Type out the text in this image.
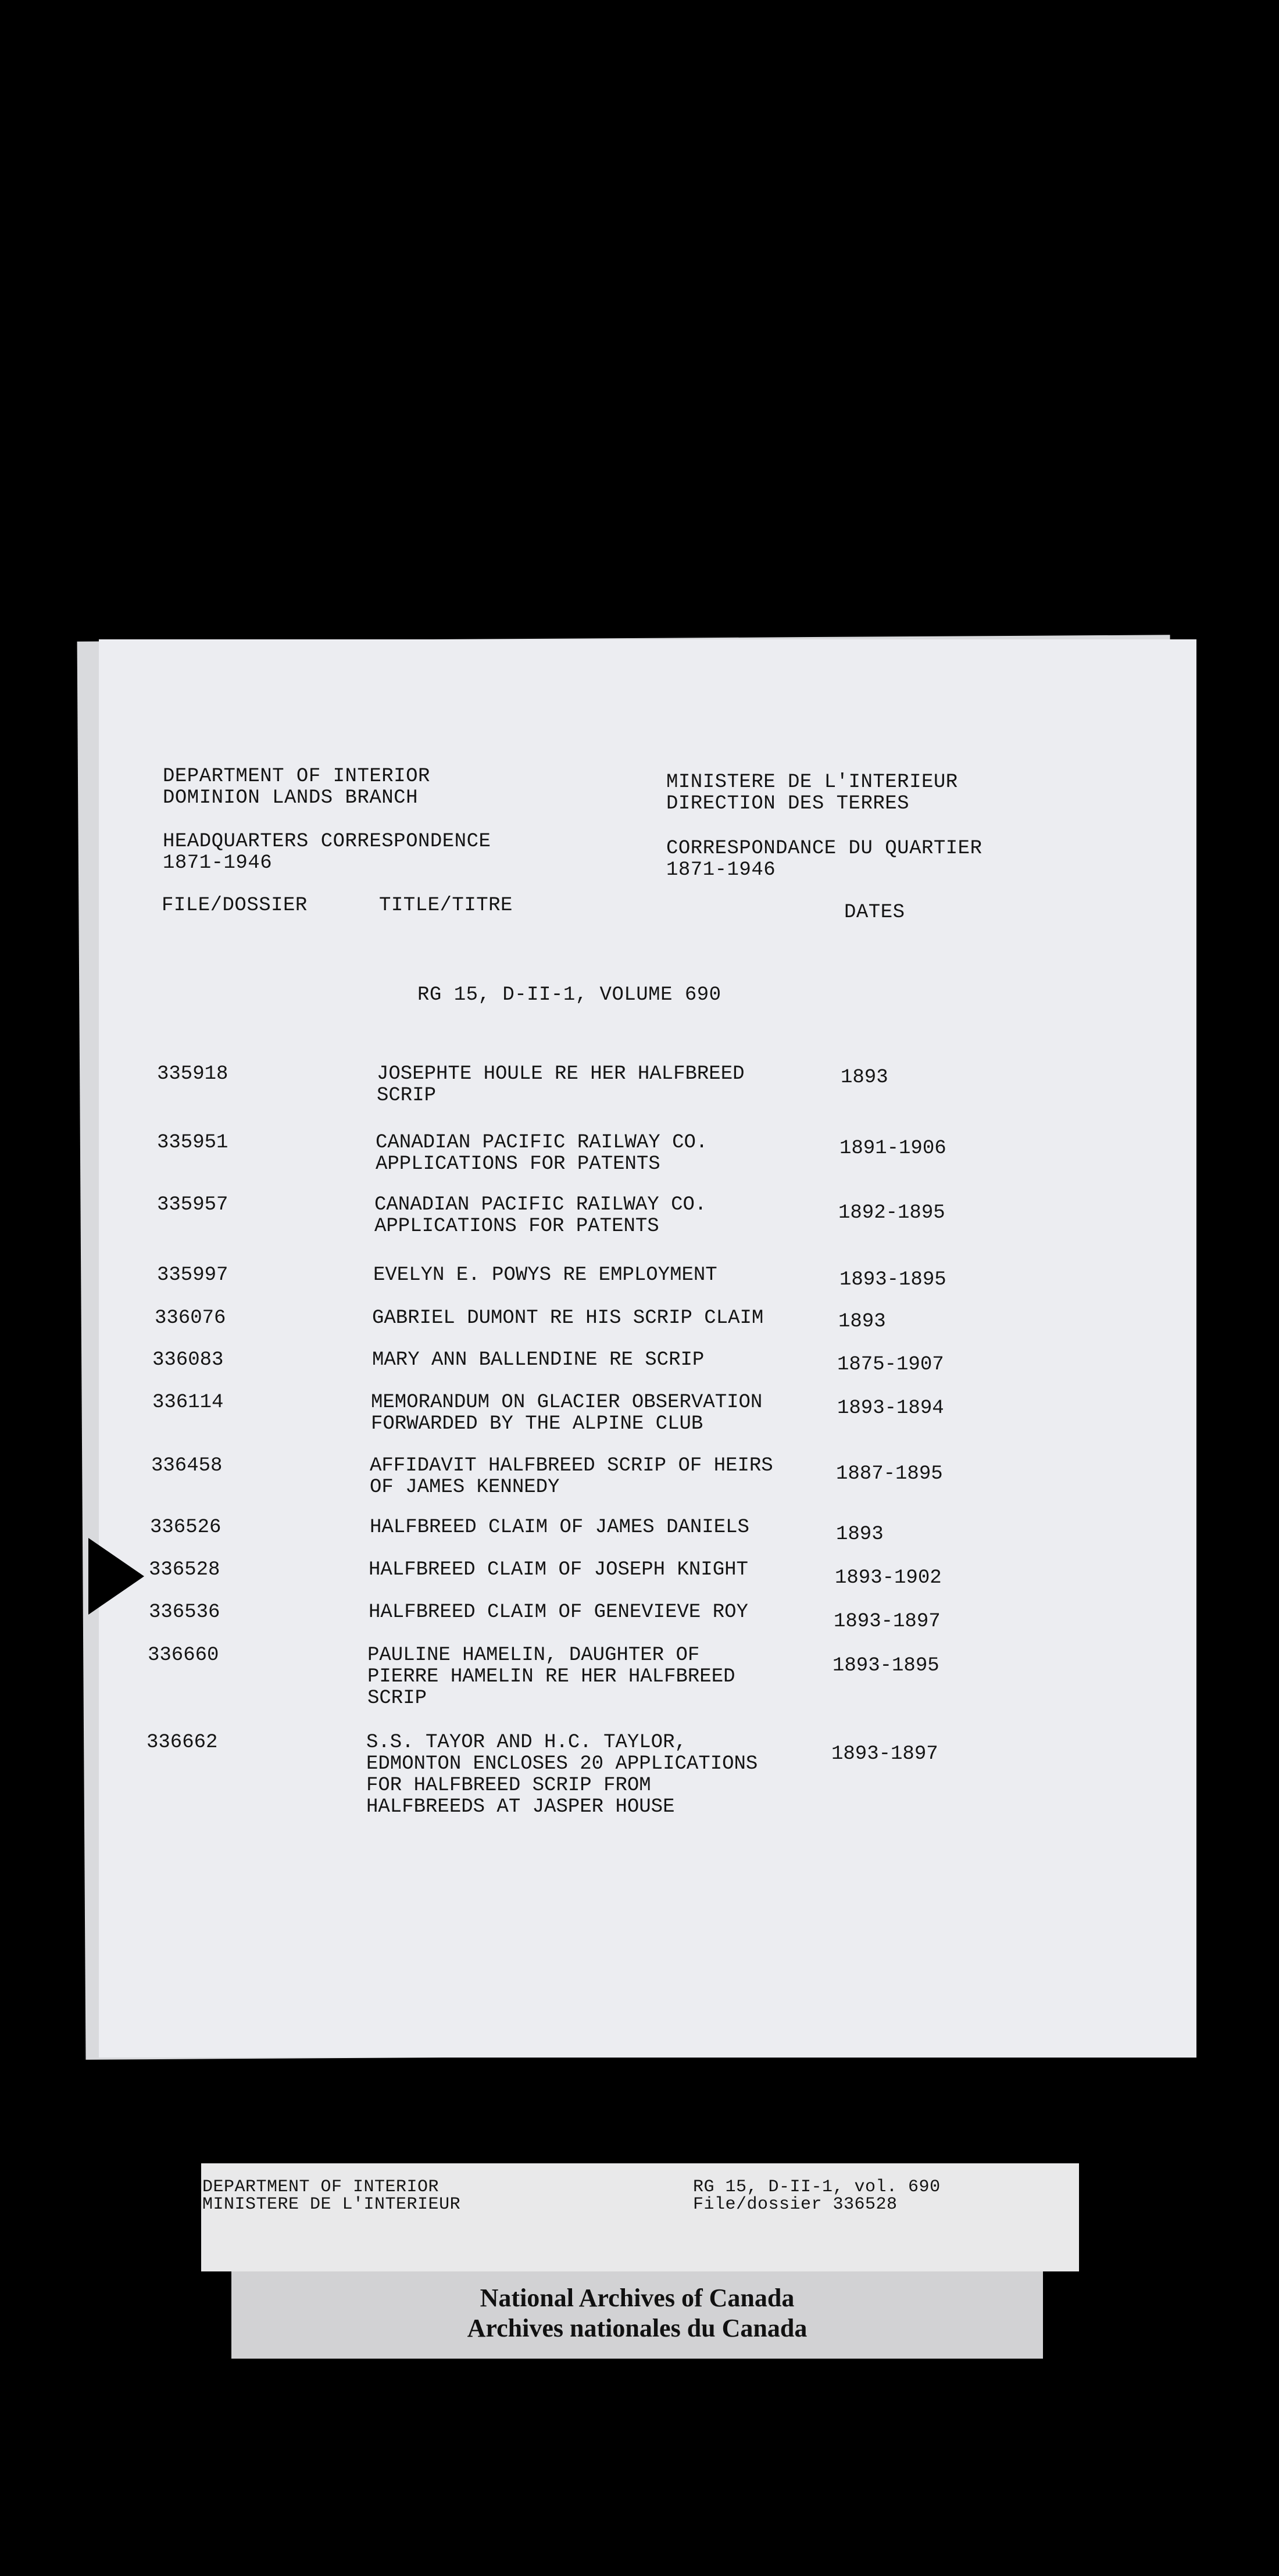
DEPARTMENT OF INTERIOR
DOMINION LANDS BRANCH
HEADQUARTERS CORRESPONDENCE
1871-1946
MINISTERE DE L'INTERIEUR
DIRECTION DES TERRES
CORRESPONDANCE DU QUARTIER
1871-1946
FILE/DOSSIER	TITLE/TITRE	DATES
RG 15, D-II-1, VOLUME 690
335918	JOSEPHTE HOULE RE HER HALFBREED
SCRIP
1893
335951	CANADIAN PACIFIC RAILWAY CO.
APPLICATIONS FOR PATENTS
1891-1906
335957	CANADIAN PACIFIC RAILWAY CO.
APPLICATIONS FOR PATENTS
1892-1895
335997	EVELYN E. POWYS RE EMPLOYMENT	1893-1895
336076	GABRIEL DUMONT RE HIS SCRIP CLAIM	1893
336083	MARY ANN BALLENDINE RE SCRIP	1875-1907
336114	MEMORANDUM ON GLACIER OBSERVATION
FORWARDED BY THE ALPINE CLUB
1893-1894
336458	AFFIDAVIT HALFBREED SCRIP OF HEIRS
OF JAMES KENNEDY
1887-1895
336526	HALFBREED CLAIM OF JAMES DANIELS	1893
336528	HALFBREED CLAIM OF JOSEPH KNIGHT	1893-1902
336536	HALFBREED CLAIM OF GENEVIEVE ROY	1893-1897
336660	PAULINE HAMELIN, DAUGHTER OF
PIERRE HAMELIN RE HER HALFBREED
SCRIP
1893-1895
336662	S.S. TAYOR AND H.C. TAYLOR,
EDMONTON ENCLOSES 20 APPLICATIONS
FOR HALFBREED SCRIP FROM
HALFBREEDS AT JASPER HOUSE
1893-1897
DEPARTMENT OF INTERIOR
MINISTERE DE L'INTERIEUR
RG 15, D-II-1, vol. 690
File/dossier 336528
National Archives of Canada
Archives nationales du Canada
